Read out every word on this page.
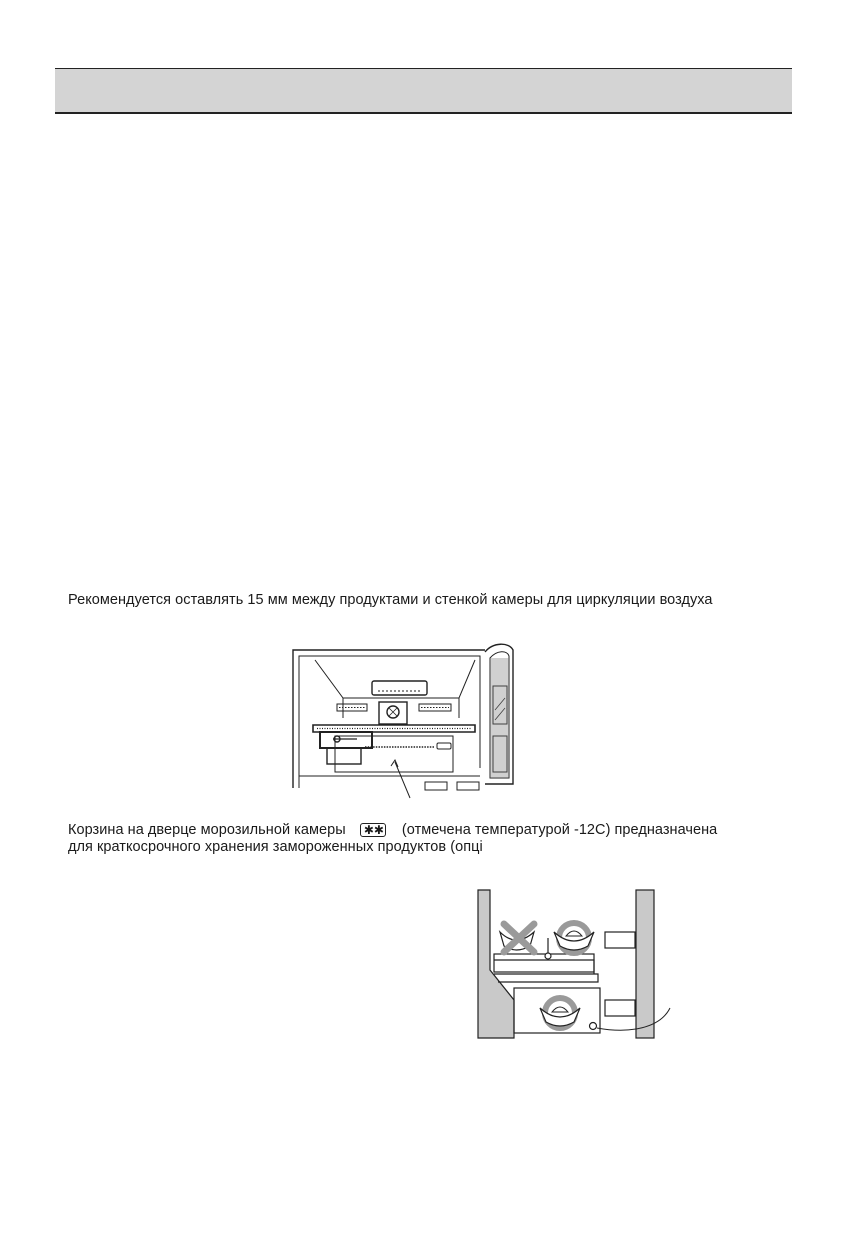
Рекомендуется оставлять 15 мм между продуктами и стенкой камеры для циркуляции воздуха
Корзина на дверце морозильной камеры ✱ ✱ (отмечена температурой -12С) предназначена
для краткосрочного хранения замороженных продуктов (опці
